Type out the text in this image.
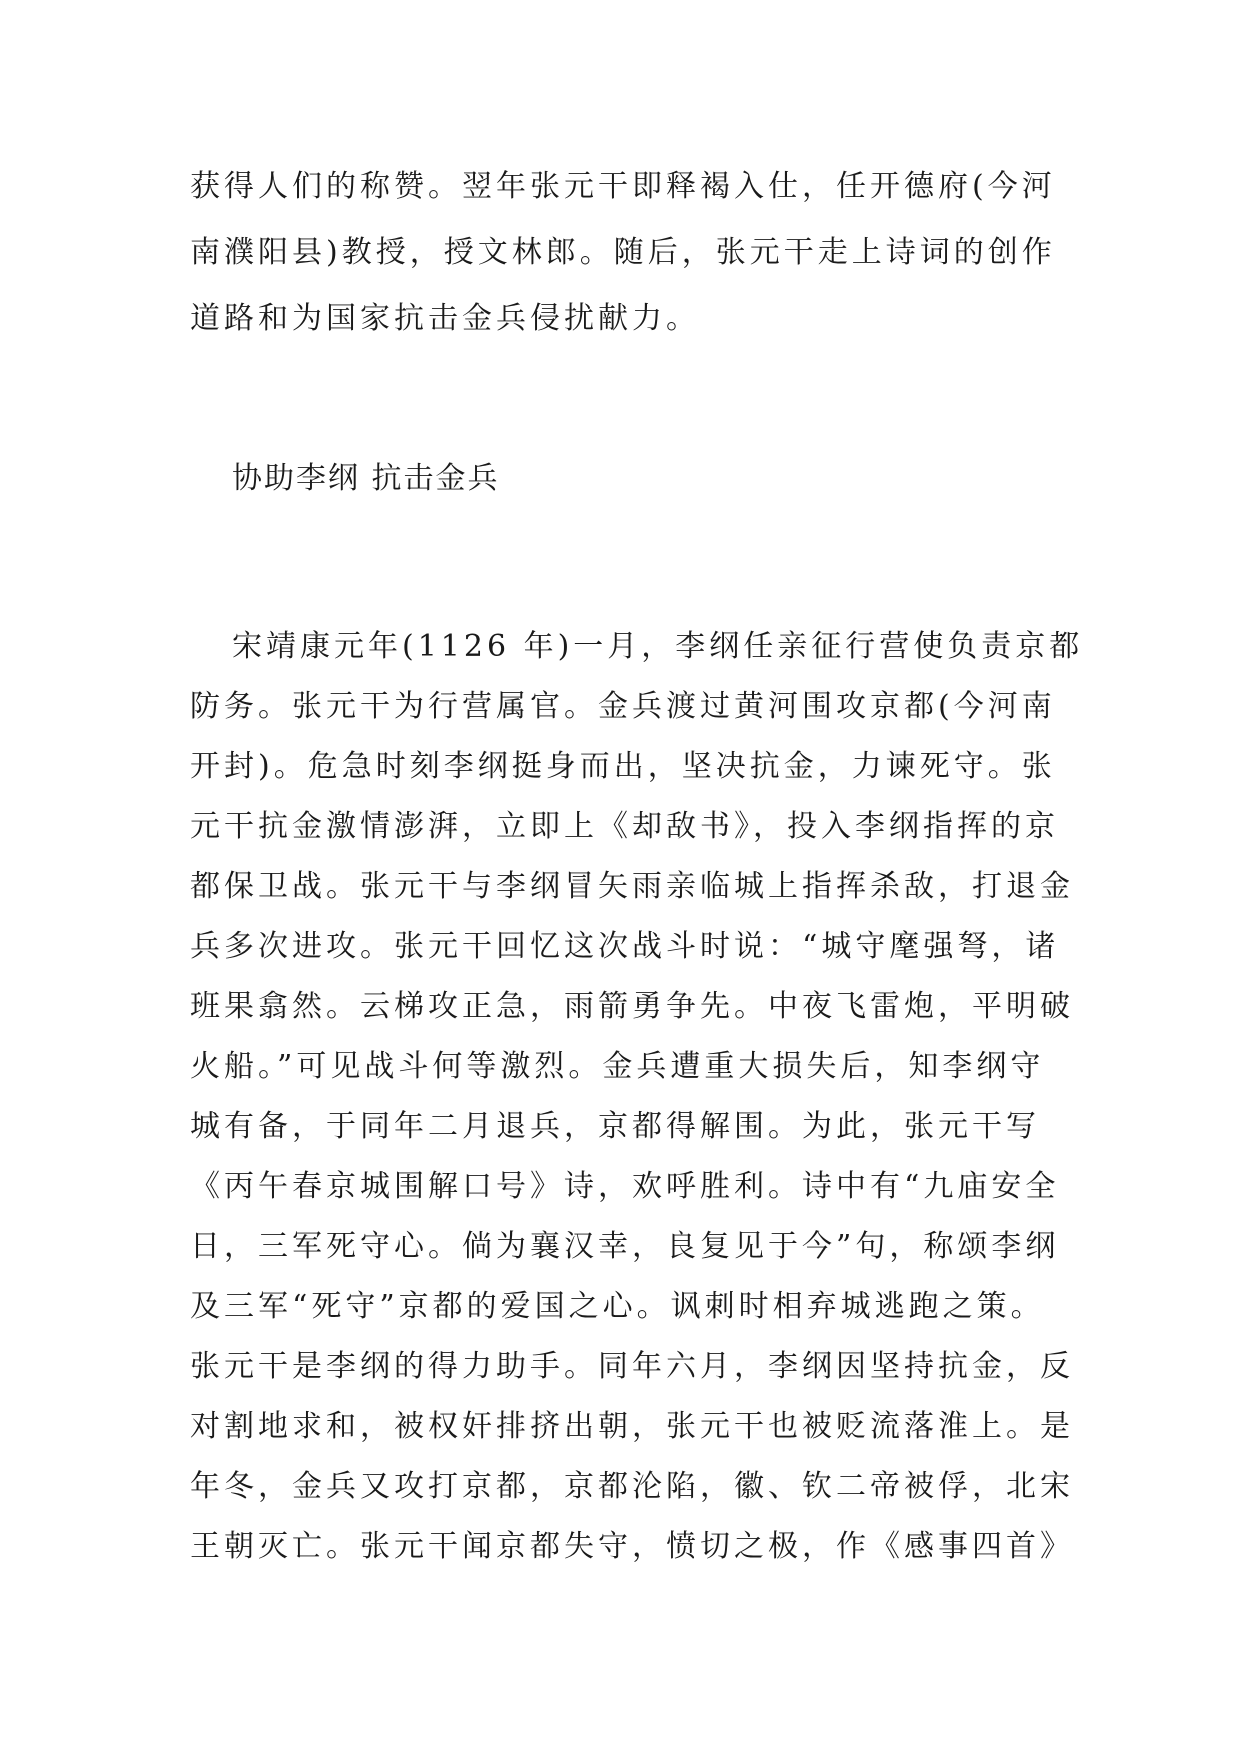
获得人们的称赞。翌年张元干即释褐入仕，任开德府(今河

南濮阳县)教授，授文林郎。随后，张元干走上诗词的创作

道路和为国家抗击金兵侵扰献力。

协助李纲 抗击金兵

宋靖康元年(1126 年)一月，李纲任亲征行营使负责京都

防务。张元干为行营属官。金兵渡过黄河围攻京都(今河南

开封)。危急时刻李纲挺身而出，坚决抗金，力谏死守。张

元干抗金激情澎湃，立即上《却敌书》，投入李纲指挥的京

都保卫战。张元干与李纲冒矢雨亲临城上指挥杀敌，打退金

兵多次进攻。张元干回忆这次战斗时说：“城守麾强弩，诸

班果翕然。云梯攻正急，雨箭勇争先。中夜飞雷炮，平明破

火船。”可见战斗何等激烈。金兵遭重大损失后，知李纲守

城有备，于同年二月退兵，京都得解围。为此，张元干写

《丙午春京城围解口号》诗，欢呼胜利。诗中有“九庙安全

日，三军死守心。倘为襄汉幸，良复见于今”句，称颂李纲

及三军“死守”京都的爱国之心。讽刺时相弃城逃跑之策。

张元干是李纲的得力助手。同年六月，李纲因坚持抗金，反

对割地求和，被权奸排挤出朝，张元干也被贬流落淮上。是

年冬，金兵又攻打京都，京都沦陷，徽、钦二帝被俘，北宋

王朝灭亡。张元干闻京都失守，愤切之极，作《感事四首》
